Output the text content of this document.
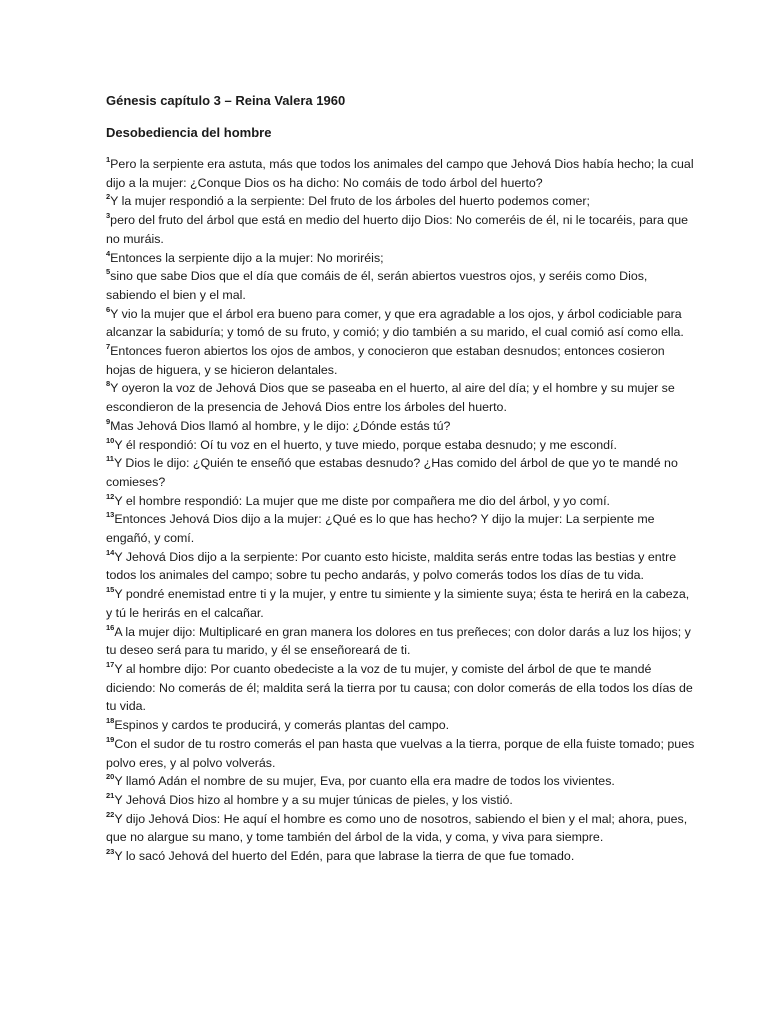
Génesis capítulo 3 – Reina Valera 1960
Desobediencia del hombre

$^1$Pero la serpiente era astuta, más que todos los animales del campo que Jehová Dios había hecho; la cual dijo a la mujer: ¿Conque Dios os ha dicho: No comáis de todo árbol del huerto?

$^2$Y la mujer respondió a la serpiente: Del fruto de los árboles del huerto podemos comer;

$^3$pero del fruto del árbol que está en medio del huerto dijo Dios: No comeréis de él, ni le tocaréis, para que no muráis.

$^4$Entonces la serpiente dijo a la mujer: No moriréis;

$^5$sino que sabe Dios que el día que comáis de él, serán abiertos vuestros ojos, y seréis como Dios, sabiendo el bien y el mal.

$^6$Y vio la mujer que el árbol era bueno para comer, y que era agradable a los ojos, y árbol codiciable para alcanzar la sabiduría; y tomó de su fruto, y comió; y dio también a su marido, el cual comió así como ella.

$^7$Entonces fueron abiertos los ojos de ambos, y conocieron que estaban desnudos; entonces cosieron hojas de higuera, y se hicieron delantales.

$^8$Y oyeron la voz de Jehová Dios que se paseaba en el huerto, al aire del día; y el hombre y su mujer se escondieron de la presencia de Jehová Dios entre los árboles del huerto.

$^9$Mas Jehová Dios llamó al hombre, y le dijo: ¿Dónde estás tú?

$^{10}$Y él respondió: Oí tu voz en el huerto, y tuve miedo, porque estaba desnudo; y me escondí.

$^{11}$Y Dios le dijo: ¿Quién te enseñó que estabas desnudo? ¿Has comido del árbol de que yo te mandé no comieses?

$^{12}$Y el hombre respondió: La mujer que me diste por compañera me dio del árbol, y yo comí.

$^{13}$Entonces Jehová Dios dijo a la mujer: ¿Qué es lo que has hecho? Y dijo la mujer: La serpiente me engañó, y comí.

$^{14}$Y Jehová Dios dijo a la serpiente: Por cuanto esto hiciste, maldita serás entre todas las bestias y entre todos los animales del campo; sobre tu pecho andarás, y polvo comerás todos los días de tu vida.

$^{15}$Y pondré enemistad entre ti y la mujer, y entre tu simiente y la simiente suya; ésta te herirá en la cabeza, y tú le herirás en el calcañar.

$^{16}$A la mujer dijo: Multiplicaré en gran manera los dolores en tus preñeces; con dolor darás a luz los hijos; y tu deseo será para tu marido, y él se enseñoreará de ti.

$^{17}$Y al hombre dijo: Por cuanto obedeciste a la voz de tu mujer, y comiste del árbol de que te mandé diciendo: No comerás de él; maldita será la tierra por tu causa; con dolor comerás de ella todos los días de tu vida.

$^{18}$Espinos y cardos te producirá, y comerás plantas del campo.

$^{19}$Con el sudor de tu rostro comerás el pan hasta que vuelvas a la tierra, porque de ella fuiste tomado; pues polvo eres, y al polvo volverás.

$^{20}$Y llamó Adán el nombre de su mujer, Eva, por cuanto ella era madre de todos los vivientes.

$^{21}$Y Jehová Dios hizo al hombre y a su mujer túnicas de pieles, y los vistió.

$^{22}$Y dijo Jehová Dios: He aquí el hombre es como uno de nosotros, sabiendo el bien y el mal; ahora, pues, que no alargue su mano, y tome también del árbol de la vida, y coma, y viva para siempre.

$^{23}$Y lo sacó Jehová del huerto del Edén, para que labrase la tierra de que fue tomado.
